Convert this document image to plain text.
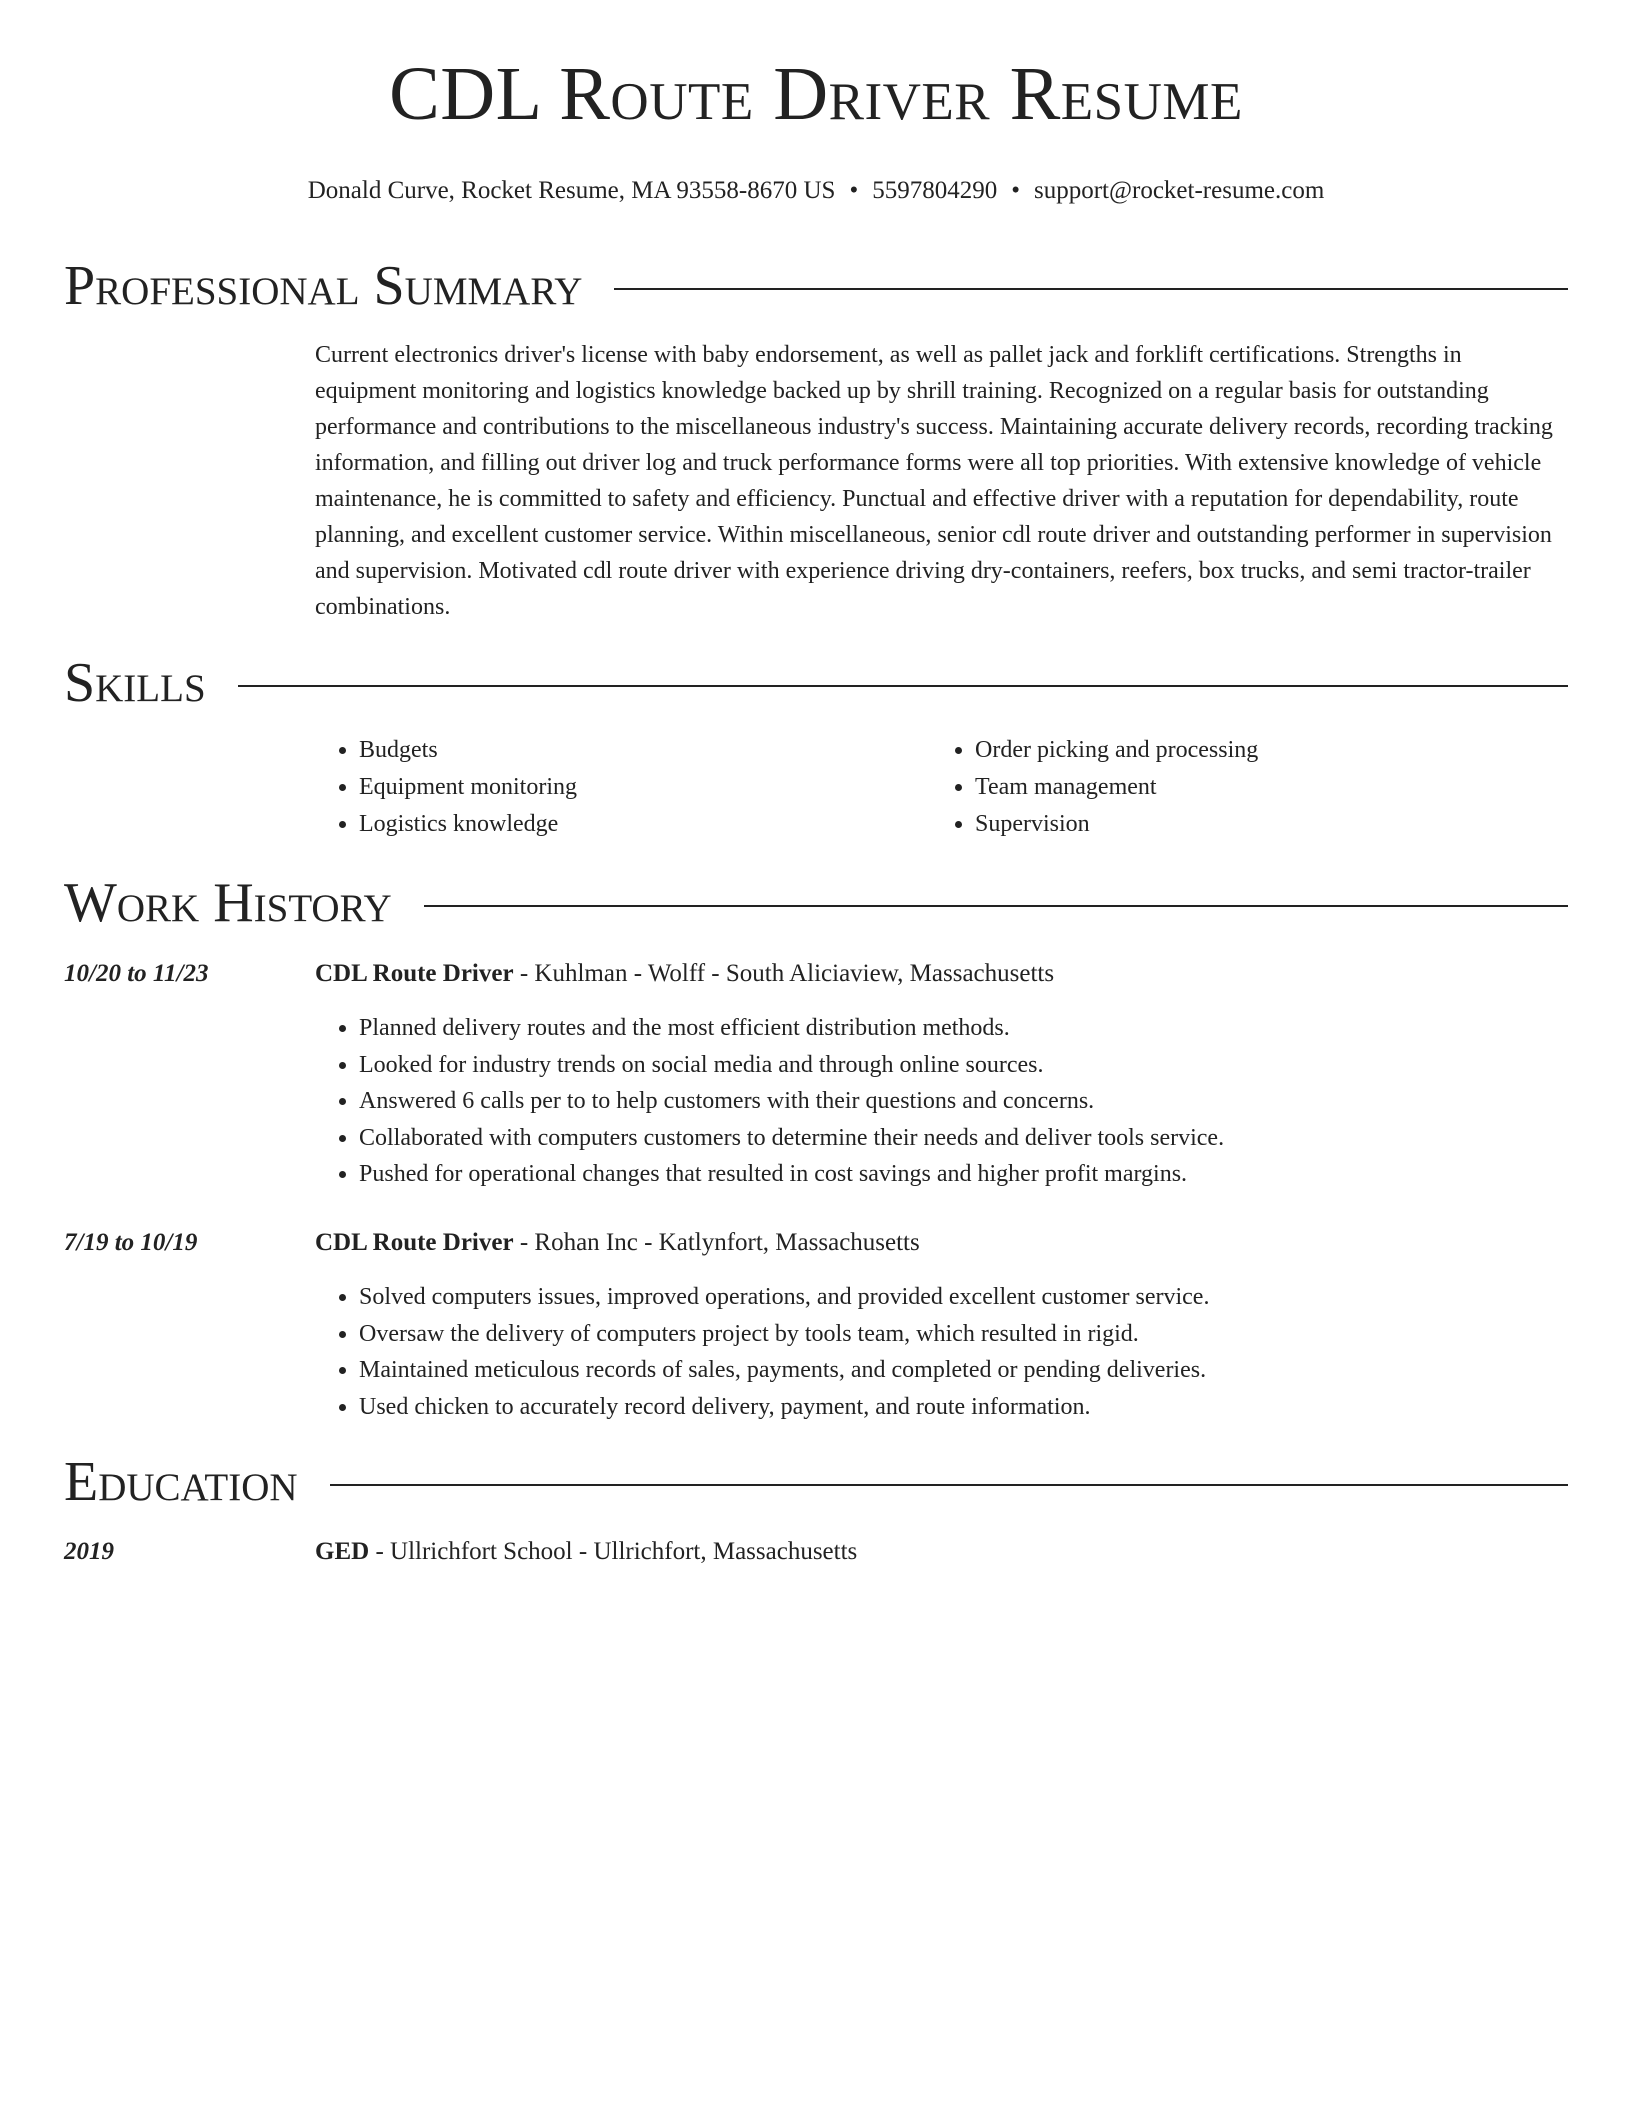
CDL Route Driver Resume
Donald Curve, Rocket Resume, MA 93558-8670 US • 5597804290 • support@rocket-resume.com
Professional Summary

Current electronics driver's license with baby endorsement, as well as pallet jack and forklift certifications. Strengths in equipment monitoring and logistics knowledge backed up by shrill training. Recognized on a regular basis for outstanding performance and contributions to the miscellaneous industry's success. Maintaining accurate delivery records, recording tracking information, and filling out driver log and truck performance forms were all top priorities. With extensive knowledge of vehicle maintenance, he is committed to safety and efficiency. Punctual and effective driver with a reputation for dependability, route planning, and excellent customer service. Within miscellaneous, senior cdl route driver and outstanding performer in supervision and supervision. Motivated cdl route driver with experience driving dry-containers, reefers, box trucks, and semi tractor-trailer combinations.

Skills
• Budgets
• Equipment monitoring
• Logistics knowledge
• Order picking and processing
• Team management
• Supervision
Work History
10/20 to 11/23	CDL Route Driver - Kuhlman - Wolff - South Aliciaview, Massachusetts
• Planned delivery routes and the most efficient distribution methods.
• Looked for industry trends on social media and through online sources.
• Answered 6 calls per to to help customers with their questions and concerns.
• Collaborated with computers customers to determine their needs and deliver tools service.
• Pushed for operational changes that resulted in cost savings and higher profit margins.
7/19 to 10/19	CDL Route Driver - Rohan Inc - Katlynfort, Massachusetts
• Solved computers issues, improved operations, and provided excellent customer service.
• Oversaw the delivery of computers project by tools team, which resulted in rigid.
• Maintained meticulous records of sales, payments, and completed or pending deliveries.
• Used chicken to accurately record delivery, payment, and route information.
Education
2019	GED - Ullrichfort School - Ullrichfort, Massachusetts
